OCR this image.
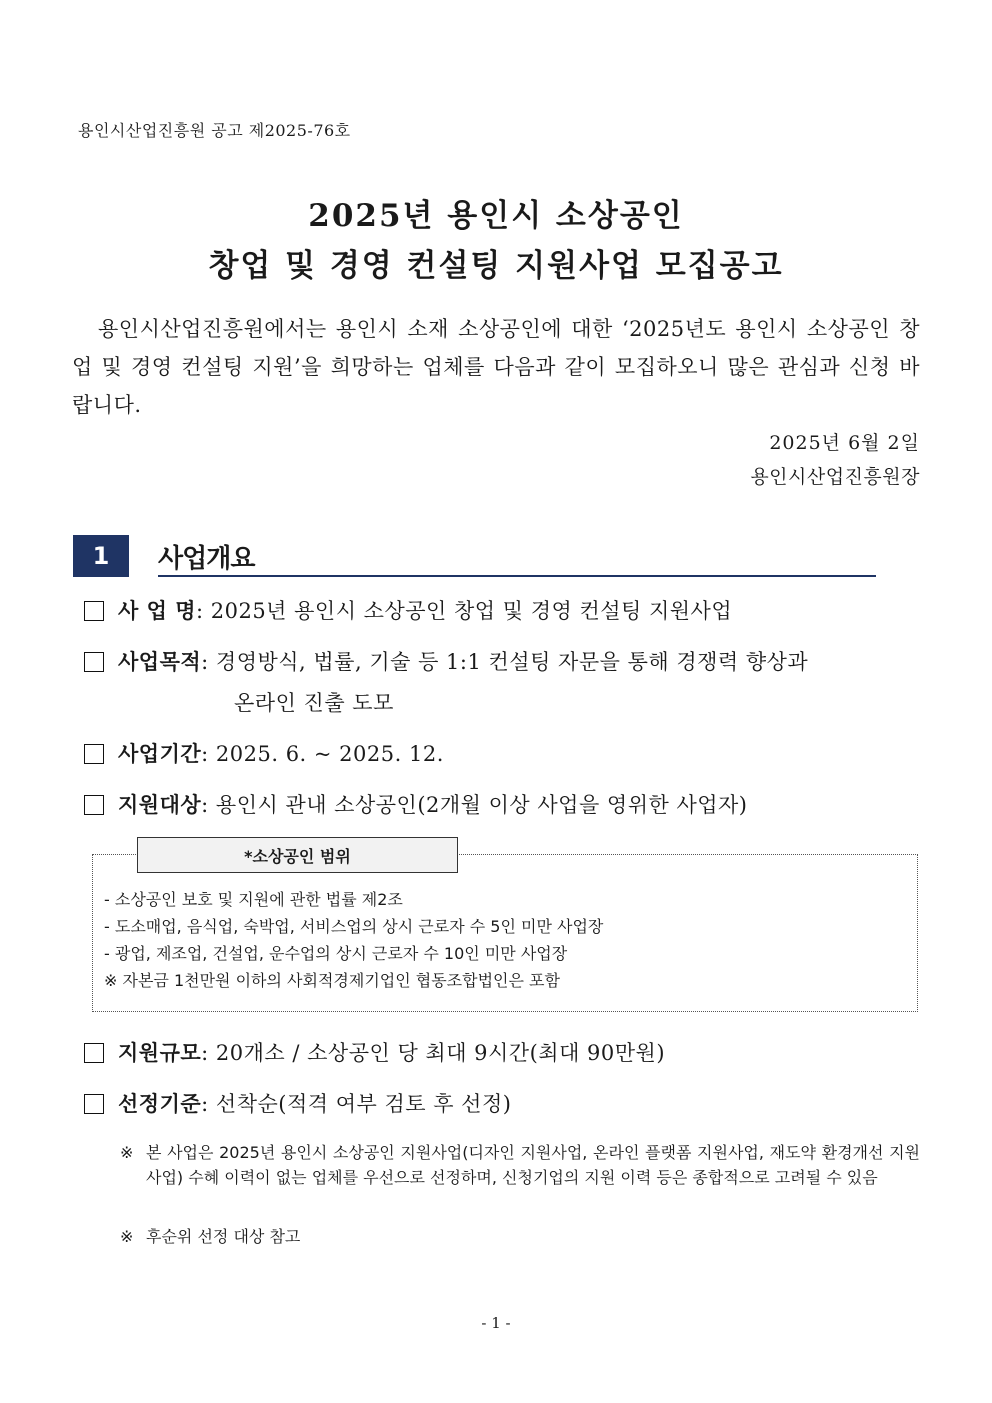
용인시산업진흥원 공고 제2025-76호
2025년 용인시 소상공인
창업 및 경영 컨설팅 지원사업 모집공고
용인시산업진흥원에서는 용인시 소재 소상공인에 대한 ‘2025년도 용인시 소상공인 창업 및 경영 컨설팅 지원’을 희망하는 업체를 다음과 같이 모집하오니 많은 관심과 신청 바랍니다.
2025년 6월 2일
용인시산업진흥원장
1	사업개요
사 업 명 : 2025년 용인시 소상공인 창업 및 경영 컨설팅 지원사업
사업목적 : 경영방식, 법률, 기술 등 1:1 컨설팅 자문을 통해 경쟁력 향상과
온라인 진출 도모
사업기간 : 2025. 6. ~ 2025. 12.
지원대상 : 용인시 관내 소상공인(2개월 이상 사업을 영위한 사업자)
*소상공인 범위
- 소상공인 보호 및 지원에 관한 법률 제2조
- 도소매업, 음식업, 숙박업, 서비스업의 상시 근로자 수 5인 미만 사업장
- 광업, 제조업, 건설업, 운수업의 상시 근로자 수 10인 미만 사업장
※ 자본금 1천만원 이하의 사회적경제기업인 협동조합법인은 포함
지원규모 : 20개소 / 소상공인 당 최대 9시간(최대 90만원)
선정기준 : 선착순(적격 여부 검토 후 선정)
※ 본 사업은 2025년 용인시 소상공인 지원사업(디자인 지원사업, 온라인 플랫폼 지원사업, 재도약 환경개선 지원사업) 수혜 이력이 없는 업체를 우선으로 선정하며, 신청기업의 지원 이력 등은 종합적으로 고려될 수 있음
※ 후순위 선정 대상 참고
- 1 -
